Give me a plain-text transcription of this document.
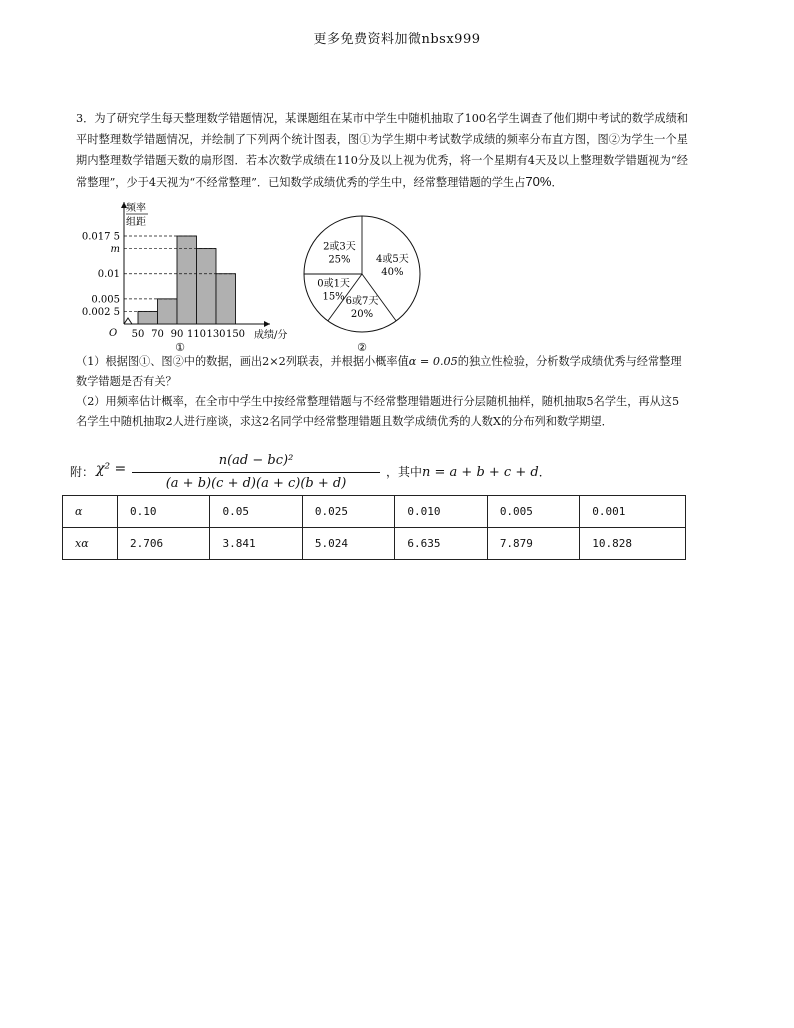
更多免费资料加微nbsx999

3．为了研究学生每天整理数学错题情况，某课题组在某市中学生中随机抽取了100名学生调查了他们期中考试的数学成绩和平时整理数学错题情况，并绘制了下列两个统计图表，图①为学生期中考试数学成绩的频率分布直方图，图②为学生一个星期内整理数学错题天数的扇形图．若本次数学成绩在110分及以上视为优秀，将一个星期有4天及以上整理数学错题视为“经常整理”，少于4天视为“不经常整理”．已知数学成绩优秀的学生中，经常整理错题的学生占70%．

0.017 5
m
0.01
0.005
0.002 5
50 70 90 110 130 150
频率
组距
O	成绩/分
①
4或5天
40%
6或7天
20%
0或1天
15%
2或3天
25%
②
（1）根据图①、图②中的数据，画出2×2列联表，并根据小概率值α = 0.05的独立性检验，分析数学成绩优秀与经常整理数学错题是否有关？
（2）用频率估计概率，在全市中学生中按经常整理错题与不经常整理错题进行分层随机抽样，随机抽取5名学生，再从这5名学生中随机抽取2人进行座谈，求这2名同学中经常整理错题且数学成绩优秀的人数X的分布列和数学期望．
附： χ² =
n(ad − bc)²
(a + b)(c + d)(a + c)(b + d)
，其中n = a + b + c + d．
α	0.10	0.05	0.025	0.010	0.005	0.001
xα	2.706	3.841	5.024	6.635	7.879	10.828
